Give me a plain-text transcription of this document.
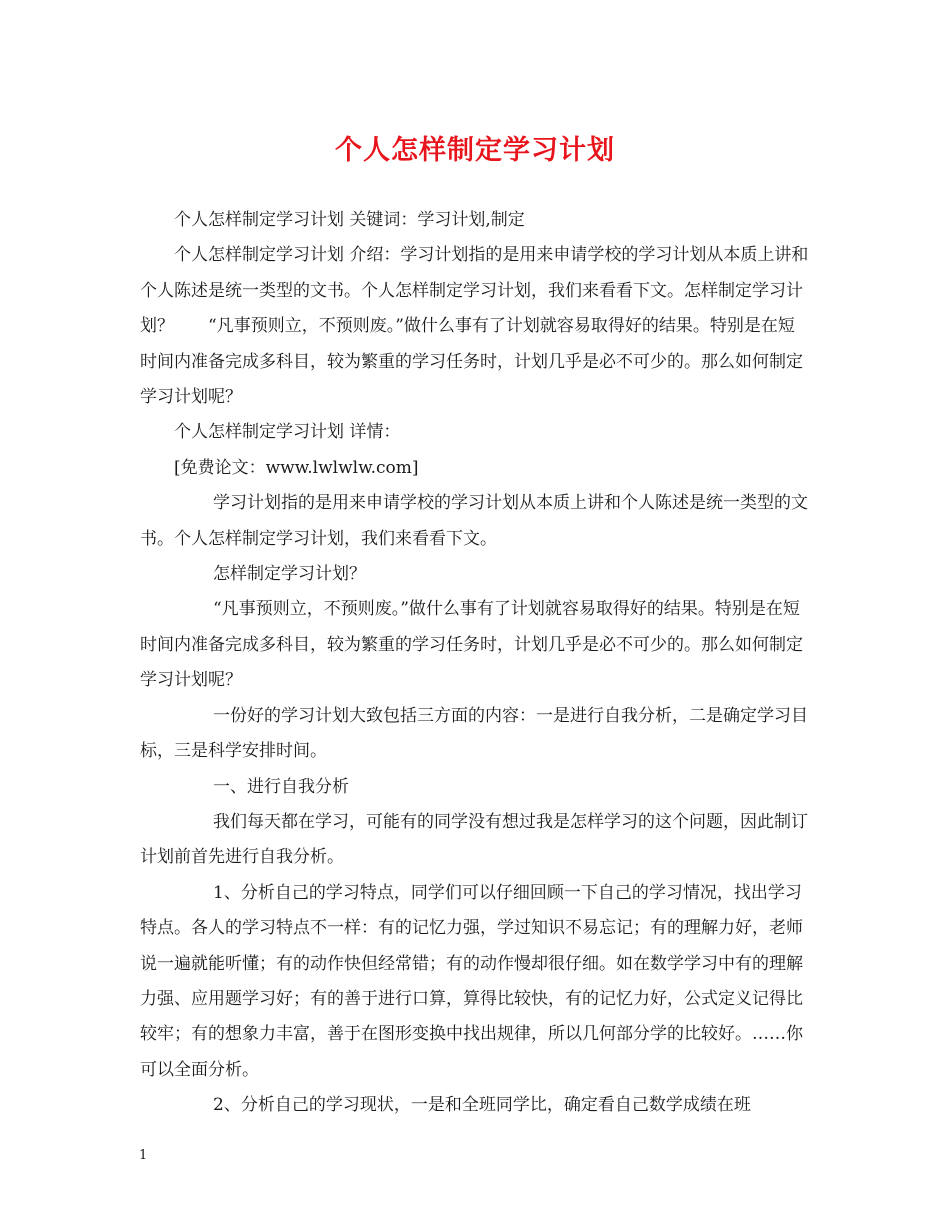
个人怎样制定学习计划

个人怎样制定学习计划 关键词：学习计划,制定

个人怎样制定学习计划 介绍：学习计划指的是用来申请学校的学习计划从本质上讲和个人陈述是统一类型的文书。个人怎样制定学习计划，我们来看看下文。怎样制定学习计划？　　“凡事预则立，不预则废。”做什么事有了计划就容易取得好的结果。特别是在短时间内准备完成多科目，较为繁重的学习任务时，计划几乎是必不可少的。那么如何制定学习计划呢？

个人怎样制定学习计划 详情：

[免费论文：www.lwlwlw.com]

学习计划指的是用来申请学校的学习计划从本质上讲和个人陈述是统一类型的文书。个人怎样制定学习计划，我们来看看下文。

怎样制定学习计划？

“凡事预则立，不预则废。”做什么事有了计划就容易取得好的结果。特别是在短时间内准备完成多科目，较为繁重的学习任务时，计划几乎是必不可少的。那么如何制定学习计划呢？

一份好的学习计划大致包括三方面的内容：一是进行自我分析，二是确定学习目标，三是科学安排时间。

一、进行自我分析

我们每天都在学习，可能有的同学没有想过我是怎样学习的这个问题，因此制订计划前首先进行自我分析。

1、分析自己的学习特点，同学们可以仔细回顾一下自己的学习情况，找出学习特点。各人的学习特点不一样：有的记忆力强，学过知识不易忘记；有的理解力好，老师说一遍就能听懂；有的动作快但经常错；有的动作慢却很仔细。如在数学学习中有的理解力强、应用题学习好；有的善于进行口算，算得比较快，有的记忆力好，公式定义记得比较牢；有的想象力丰富，善于在图形变换中找出规律，所以几何部分学的比较好。……你可以全面分析。

2、分析自己的学习现状，一是和全班同学比，确定看自己数学成绩在班

1
